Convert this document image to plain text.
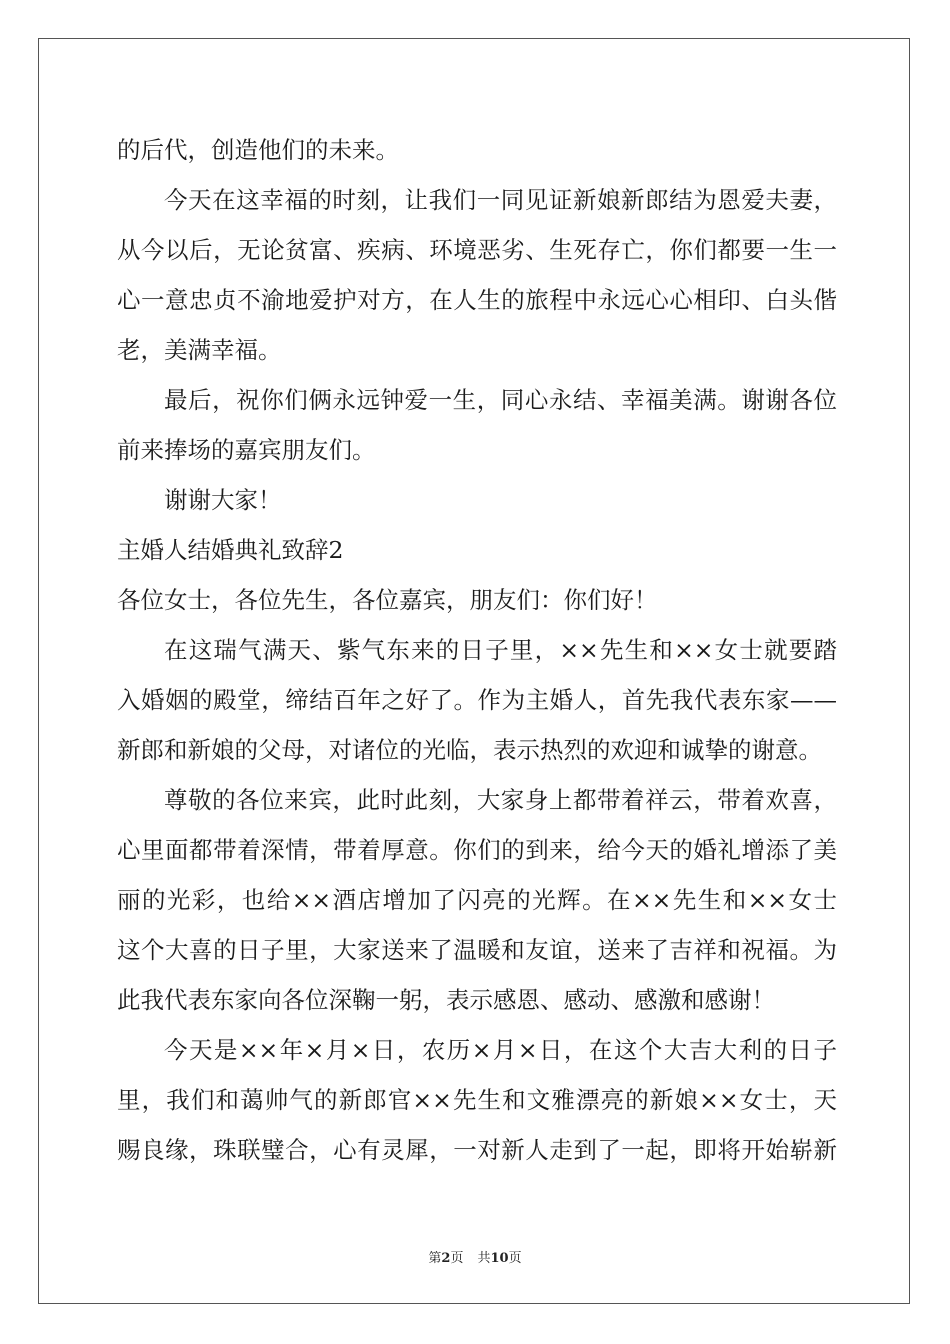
的后代，创造他们的未来。
今天在这幸福的时刻，让我们一同见证新娘新郎结为恩爱夫妻，
从今以后，无论贫富、疾病、环境恶劣、生死存亡，你们都要一生一
心一意忠贞不渝地爱护对方，在人生的旅程中永远心心相印、白头偕
老，美满幸福。
最后，祝你们俩永远钟爱一生，同心永结、幸福美满。谢谢各位
前来捧场的嘉宾朋友们。
谢谢大家！
主婚人结婚典礼致辞2
各位女士，各位先生，各位嘉宾，朋友们：你们好！
在这瑞气满天、紫气东来的日子里，××先生和××女士就要踏
入婚姻的殿堂，缔结百年之好了。作为主婚人，首先我代表东家——
新郎和新娘的父母，对诸位的光临，表示热烈的欢迎和诚挚的谢意。
尊敬的各位来宾，此时此刻，大家身上都带着祥云，带着欢喜，
心里面都带着深情，带着厚意。你们的到来，给今天的婚礼增添了美
丽的光彩，也给××酒店增加了闪亮的光辉。在××先生和××女士
这个大喜的日子里，大家送来了温暖和友谊，送来了吉祥和祝福。为
此我代表东家向各位深鞠一躬，表示感恩、感动、感激和感谢！
今天是××年×月×日，农历×月×日，在这个大吉大利的日子
里，我们和蔼帅气的新郎官××先生和文雅漂亮的新娘××女士，天
赐良缘，珠联璧合，心有灵犀，一对新人走到了一起，即将开始崭新
第2页 共10页
